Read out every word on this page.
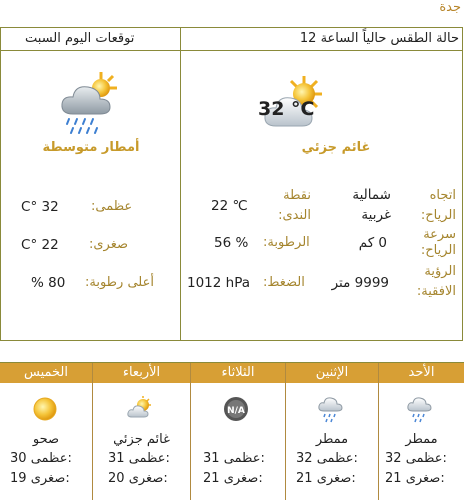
جدة
حالة الطقس حالياً الساعة 12
توقعات اليوم السبت
32 °C
غائم جزئي
اتجاه
الرياح:
شمالية
غربية
نقطة
الندى:
22 ℃
سرعة
الرياح:
0 كم
الرطوبة:
56 %
الرؤية
الافقية:
9999 متر
الضغط:
1012 hPa
أمطار متوسطة
عظمى:
32 °C
صغرى:
22 °C
أعلى رطوبة:
80 %
الأحد
ممطر
32 عظمى:
21 صغرى:
الإثنين
ممطر
32 عظمى:
21 صغرى:
الثلاثاء
N/A
31 عظمى:
21 صغرى:
الأربعاء
غائم جزئي
31 عظمى:
20 صغرى:
الخميس
صحو
30 عظمى:
19 صغرى:
